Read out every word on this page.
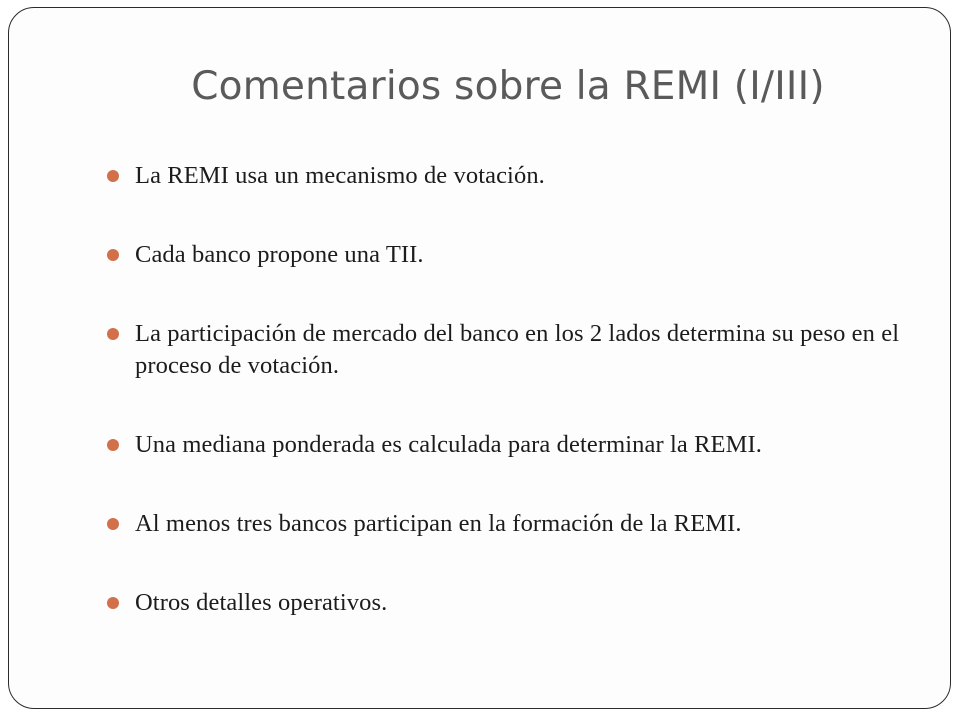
Comentarios sobre la REMI (I/III)
La REMI usa un mecanismo de votación.
Cada banco propone una TII.
La participación de mercado del banco en los 2 lados determina su peso en el proceso de votación.
Una mediana ponderada es calculada para determinar la REMI.
Al menos tres bancos participan en la formación de la REMI.
Otros detalles operativos.
